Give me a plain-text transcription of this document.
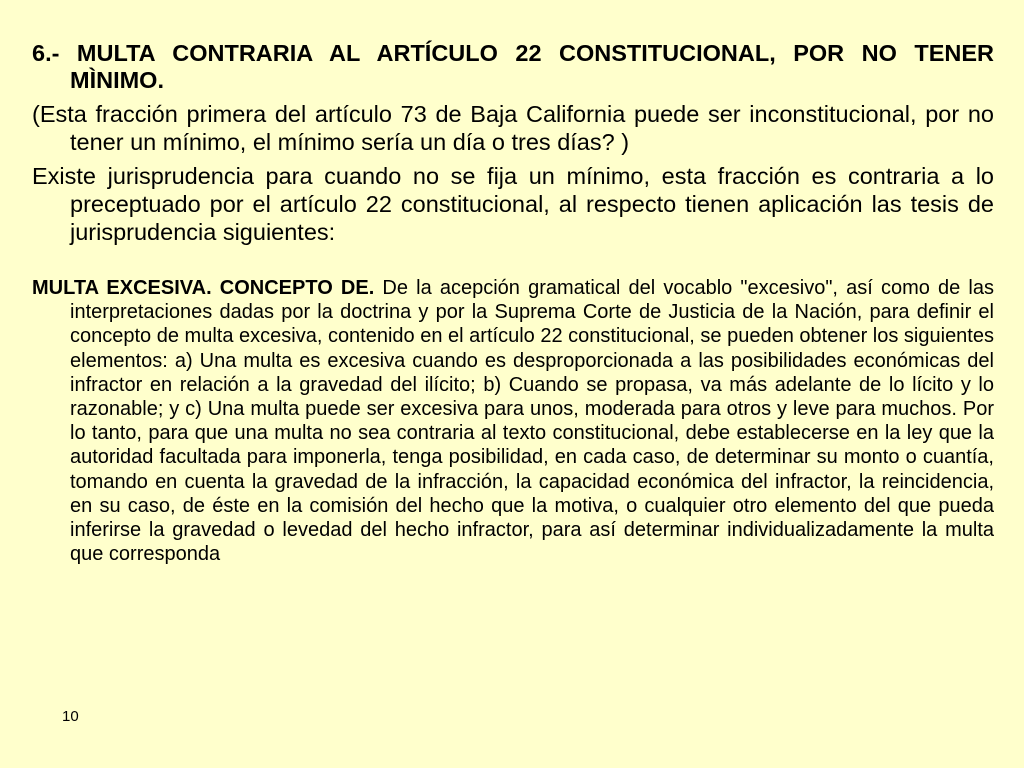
6.- MULTA CONTRARIA AL ARTÍCULO 22 CONSTITUCIONAL, POR NO TENER MÌNIMO.

(Esta fracción primera del artículo 73 de Baja California puede ser inconstitucional, por no tener un mínimo, el mínimo sería un día o tres días? )

Existe jurisprudencia para cuando no se fija un mínimo, esta fracción es contraria a lo preceptuado por el artículo 22 constitucional, al respecto tienen aplicación las tesis de jurisprudencia siguientes:

MULTA EXCESIVA. CONCEPTO DE. De la acepción gramatical del vocablo "excesivo", así como de las interpretaciones dadas por la doctrina y por la Suprema Corte de Justicia de la Nación, para definir el concepto de multa excesiva, contenido en el artículo 22 constitucional, se pueden obtener los siguientes elementos: a) Una multa es excesiva cuando es desproporcionada a las posibilidades económicas del infractor en relación a la gravedad del ilícito; b) Cuando se propasa, va más adelante de lo lícito y lo razonable; y c) Una multa puede ser excesiva para unos, moderada para otros y leve para muchos. Por lo tanto, para que una multa no sea contraria al texto constitucional, debe establecerse en la ley que la autoridad facultada para imponerla, tenga posibilidad, en cada caso, de determinar su monto o cuantía, tomando en cuenta la gravedad de la infracción, la capacidad económica del infractor, la reincidencia, en su caso, de éste en la comisión del hecho que la motiva, o cualquier otro elemento del que pueda inferirse la gravedad o levedad del hecho infractor, para así determinar individualizadamente la multa que corresponda

10
